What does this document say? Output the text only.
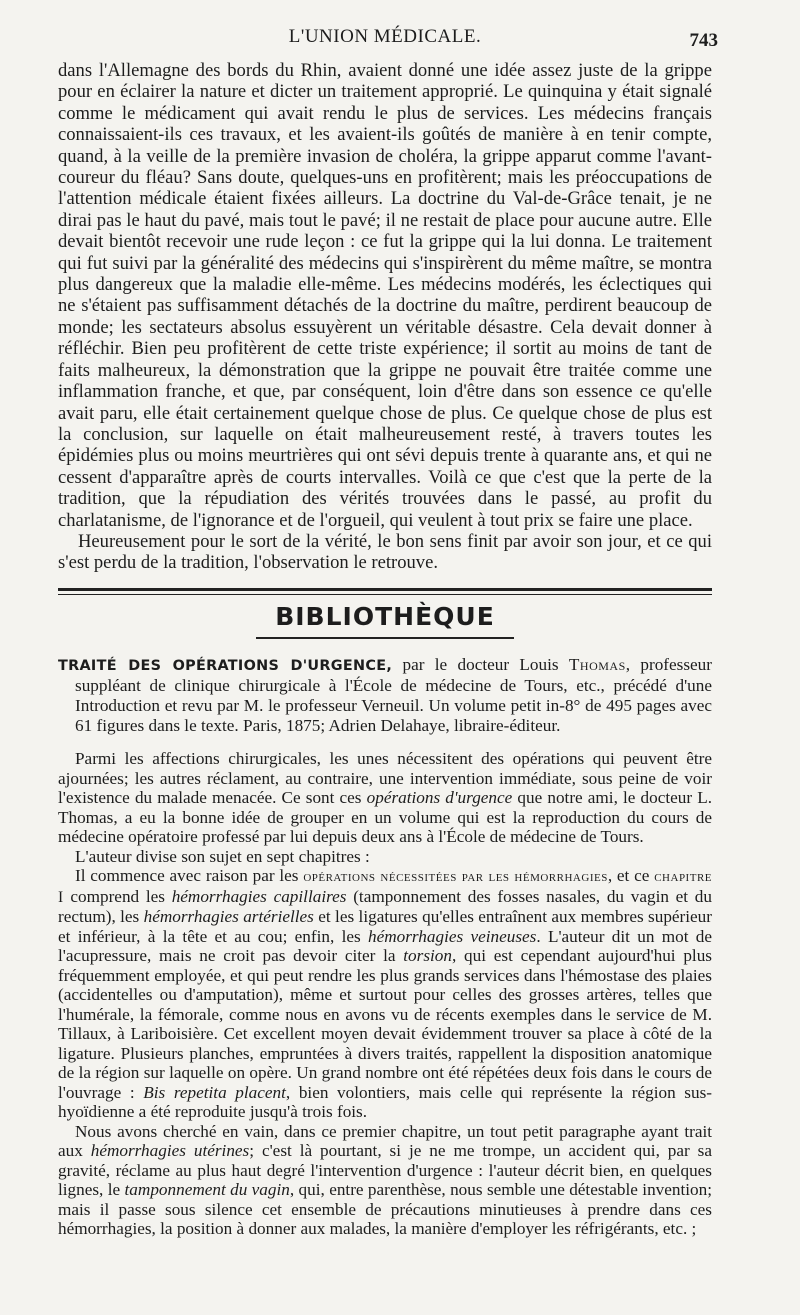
L'UNION MÉDICALE.	743

dans l'Allemagne des bords du Rhin, avaient donné une idée assez juste de la grippe pour en éclairer la nature et dicter un traitement approprié. Le quinquina y était signalé comme le médicament qui avait rendu le plus de services. Les médecins français connaissaient-ils ces travaux, et les avaient-ils goûtés de manière à en tenir compte, quand, à la veille de la première invasion de choléra, la grippe apparut comme l'avant-coureur du fléau? Sans doute, quelques-uns en profitèrent; mais les préoccupations de l'attention médicale étaient fixées ailleurs. La doctrine du Val-de-Grâce tenait, je ne dirai pas le haut du pavé, mais tout le pavé; il ne restait de place pour aucune autre. Elle devait bientôt recevoir une rude leçon : ce fut la grippe qui la lui donna. Le traitement qui fut suivi par la généralité des médecins qui s'inspirèrent du même maître, se montra plus dangereux que la maladie elle-même. Les médecins modérés, les éclectiques qui ne s'étaient pas suffisamment détachés de la doctrine du maître, perdirent beaucoup de monde; les sectateurs absolus essuyèrent un véritable désastre. Cela devait donner à réfléchir. Bien peu profitèrent de cette triste expérience; il sortit au moins de tant de faits malheureux, la démonstration que la grippe ne pouvait être traitée comme une inflammation franche, et que, par conséquent, loin d'être dans son essence ce qu'elle avait paru, elle était certainement quelque chose de plus. Ce quelque chose de plus est la conclusion, sur laquelle on était malheureusement resté, à travers toutes les épidémies plus ou moins meurtrières qui ont sévi depuis trente à quarante ans, et qui ne cessent d'apparaître après de courts intervalles. Voilà ce que c'est que la perte de la tradition, que la répudiation des vérités trouvées dans le passé, au profit du charlatanisme, de l'ignorance et de l'orgueil, qui veulent à tout prix se faire une place.

Heureusement pour le sort de la vérité, le bon sens finit par avoir son jour, et ce qui s'est perdu de la tradition, l'observation le retrouve.

BIBLIOTHÈQUE

TRAITÉ DES OPÉRATIONS D'URGENCE, par le docteur Louis Thomas, professeur suppléant de clinique chirurgicale à l'École de médecine de Tours, etc., précédé d'une Introduction et revu par M. le professeur Verneuil. Un volume petit in-8° de 495 pages avec 61 figures dans le texte. Paris, 1875; Adrien Delahaye, libraire-éditeur.

Parmi les affections chirurgicales, les unes nécessitent des opérations qui peuvent être ajournées; les autres réclament, au contraire, une intervention immédiate, sous peine de voir l'existence du malade menacée. Ce sont ces opérations d'urgence que notre ami, le docteur L. Thomas, a eu la bonne idée de grouper en un volume qui est la reproduction du cours de médecine opératoire professé par lui depuis deux ans à l'École de médecine de Tours.

L'auteur divise son sujet en sept chapitres :

Il commence avec raison par les opérations nécessitées par les hémorrhagies, et ce chapitre I comprend les hémorrhagies capillaires (tamponnement des fosses nasales, du vagin et du rectum), les hémorrhagies artérielles et les ligatures qu'elles entraînent aux membres supérieur et inférieur, à la tête et au cou; enfin, les hémorrhagies veineuses. L'auteur dit un mot de l'acupressure, mais ne croit pas devoir citer la torsion, qui est cependant aujourd'hui plus fréquemment employée, et qui peut rendre les plus grands services dans l'hémostase des plaies (accidentelles ou d'amputation), même et surtout pour celles des grosses artères, telles que l'humérale, la fémorale, comme nous en avons vu de récents exemples dans le service de M. Tillaux, à Lariboisière. Cet excellent moyen devait évidemment trouver sa place à côté de la ligature. Plusieurs planches, empruntées à divers traités, rappellent la disposition anatomique de la région sur laquelle on opère. Un grand nombre ont été répétées deux fois dans le cours de l'ouvrage : Bis repetita placent, bien volontiers, mais celle qui représente la région sus-hyoïdienne a été reproduite jusqu'à trois fois.

Nous avons cherché en vain, dans ce premier chapitre, un tout petit paragraphe ayant trait aux hémorrhagies utérines; c'est là pourtant, si je ne me trompe, un accident qui, par sa gravité, réclame au plus haut degré l'intervention d'urgence : l'auteur décrit bien, en quelques lignes, le tamponnement du vagin, qui, entre parenthèse, nous semble une détestable invention; mais il passe sous silence cet ensemble de précautions minutieuses à prendre dans ces hémorrhagies, la position à donner aux malades, la manière d'employer les réfrigérants, etc. ;
